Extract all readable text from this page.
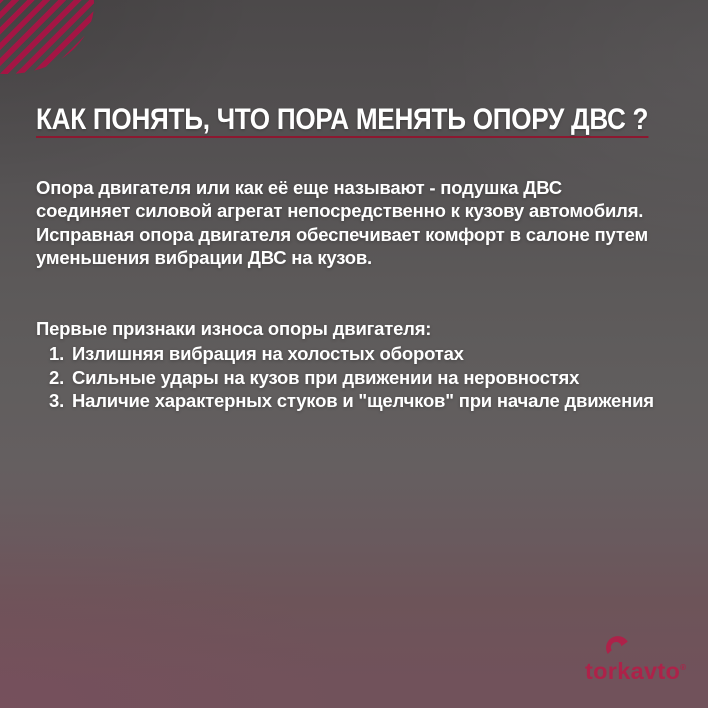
КАК ПОНЯТЬ, ЧТО ПОРА МЕНЯТЬ ОПОРУ ДВС ?
Опора двигателя или как её еще называют - подушка ДВС
соединяет силовой агрегат непосредственно к кузову автомобиля.
Исправная опора двигателя обеспечивает комфорт в салоне путем
уменьшения вибрации ДВС на кузов.
Первые признаки износа опоры двигателя:
1. Излишняя вибрация на холостых оборотах
2. Сильные удары на кузов при движении на неровностях
3. Наличие характерных стуков и "щелчков" при начале движения
torkavto®
